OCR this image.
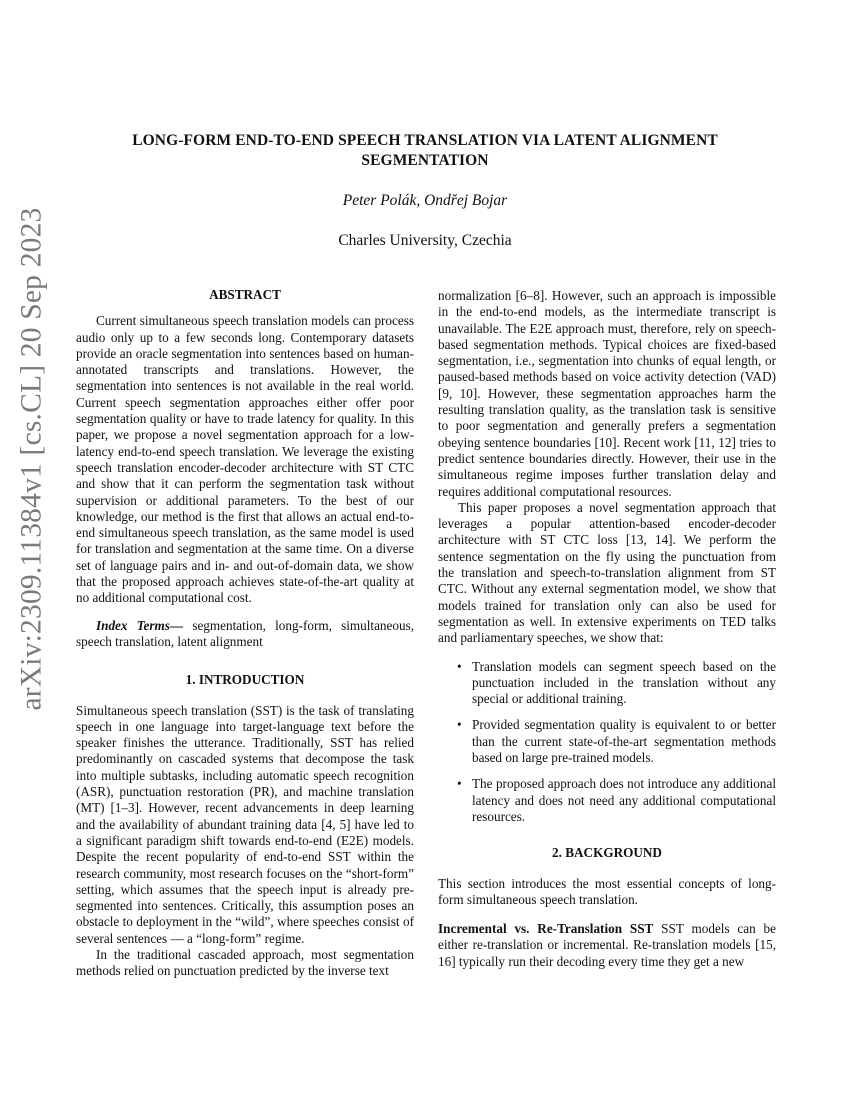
LONG-FORM END-TO-END SPEECH TRANSLATION VIA LATENT ALIGNMENT
SEGMENTATION
Peter Polák, Ondřej Bojar
Charles University, Czechia
arXiv:2309.11384v1 [cs.CL] 20 Sep 2023	ABSTRACT

Current simultaneous speech translation models can process audio only up to a few seconds long. Contemporary datasets provide an oracle segmentation into sentences based on human-annotated transcripts and translations. However, the segmentation into sentences is not available in the real world. Current speech segmentation approaches either offer poor segmentation quality or have to trade latency for quality. In this paper, we propose a novel segmentation approach for a low-latency end-to-end speech translation. We leverage the existing speech translation encoder-decoder architecture with ST CTC and show that it can perform the segmentation task without supervision or additional parameters. To the best of our knowledge, our method is the first that allows an actual end-to-end simultaneous speech translation, as the same model is used for translation and segmentation at the same time. On a diverse set of language pairs and in- and out-of-domain data, we show that the proposed approach achieves state-of-the-art quality at no additional computational cost.

Index Terms— segmentation, long-form, simultaneous, speech translation, latent alignment

1. INTRODUCTION

Simultaneous speech translation (SST) is the task of translating speech in one language into target-language text before the speaker finishes the utterance. Traditionally, SST has relied predominantly on cascaded systems that decompose the task into multiple subtasks, including automatic speech recognition (ASR), punctuation restoration (PR), and machine translation (MT) [1–3]. However, recent advancements in deep learning and the availability of abundant training data [4, 5] have led to a significant paradigm shift towards end-to-end (E2E) models. Despite the recent popularity of end-to-end SST within the research community, most research focuses on the “short-form” setting, which assumes that the speech input is already pre-segmented into sentences. Critically, this assumption poses an obstacle to deployment in the “wild”, where speeches consist of several sentences — a “long-form” regime.

In the traditional cascaded approach, most segmentation methods relied on punctuation predicted by the inverse text

normalization [6–8]. However, such an approach is impossible in the end-to-end models, as the intermediate transcript is unavailable. The E2E approach must, therefore, rely on speech-based segmentation methods. Typical choices are fixed-based segmentation, i.e., segmentation into chunks of equal length, or paused-based methods based on voice activity detection (VAD) [9, 10]. However, these segmentation approaches harm the resulting translation quality, as the translation task is sensitive to poor segmentation and generally prefers a segmentation obeying sentence boundaries [10]. Recent work [11, 12] tries to predict sentence boundaries directly. However, their use in the simultaneous regime imposes further translation delay and requires additional computational resources.

This paper proposes a novel segmentation approach that leverages a popular attention-based encoder-decoder architecture with ST CTC loss [13, 14]. We perform the sentence segmentation on the fly using the punctuation from the translation and speech-to-translation alignment from ST CTC. Without any external segmentation model, we show that models trained for translation only can also be used for segmentation as well. In extensive experiments on TED talks and parliamentary speeches, we show that:

• Translation models can segment speech based on the punctuation included in the translation without any special or additional training.
• Provided segmentation quality is equivalent to or better than the current state-of-the-art segmentation methods based on large pre-trained models.
• The proposed approach does not introduce any additional latency and does not need any additional computational resources.

2. BACKGROUND

This section introduces the most essential concepts of long-form simultaneous speech translation.

Incremental vs. Re-Translation SST SST models can be either re-translation or incremental. Re-translation models [15, 16] typically run their decoding every time they get a new
